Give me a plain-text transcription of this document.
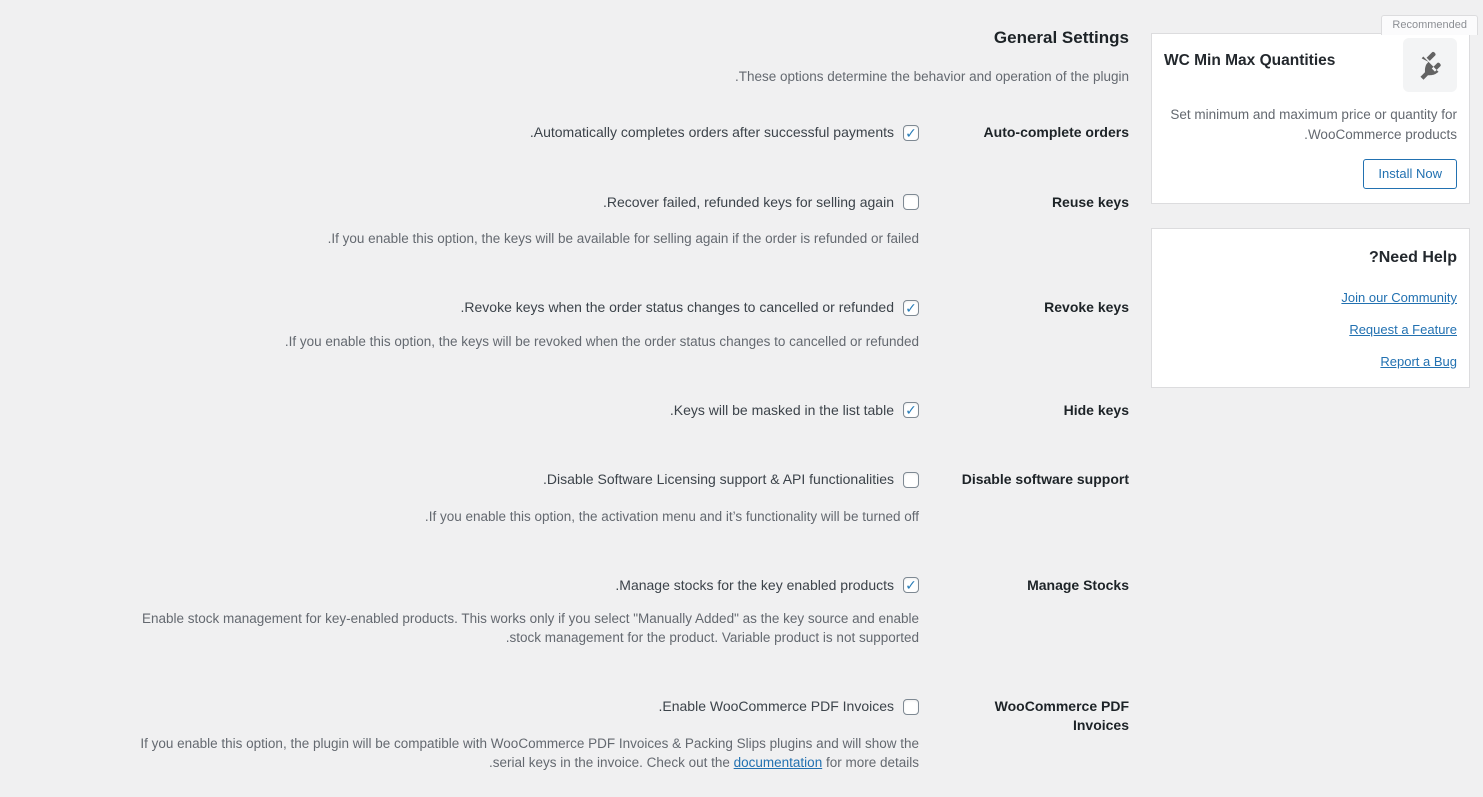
Recommended
WC Min Max Quantities

Set minimum and maximum price or quantity for WooCommerce products.

Install Now
Need Help?
Join our Community
Request a Feature
Report a Bug
General Settings

These options determine the behavior and operation of the plugin.

Auto-complete orders
✓
Automatically completes orders after successful payments.
Reuse keys
Recover failed, refunded keys for selling again.

If you enable this option, the keys will be available for selling again if the order is refunded or failed.

Revoke keys
✓
Revoke keys when the order status changes to cancelled or refunded.

If you enable this option, the keys will be revoked when the order status changes to cancelled or refunded.

Hide keys
✓
Keys will be masked in the list table.
Disable software support
Disable Software Licensing support & API functionalities.

If you enable this option, the activation menu and it’s functionality will be turned off.

Manage Stocks
✓
Manage stocks for the key enabled products.

Enable stock management for key-enabled products. This works only if you select "Manually Added" as the key source and enable stock management for the product. Variable product is not supported.

WooCommerce PDF Invoices
Enable WooCommerce PDF Invoices.

If you enable this option, the plugin will be compatible with WooCommerce PDF Invoices & Packing Slips plugins and will show the serial keys in the invoice. Check out the documentation for more details.
